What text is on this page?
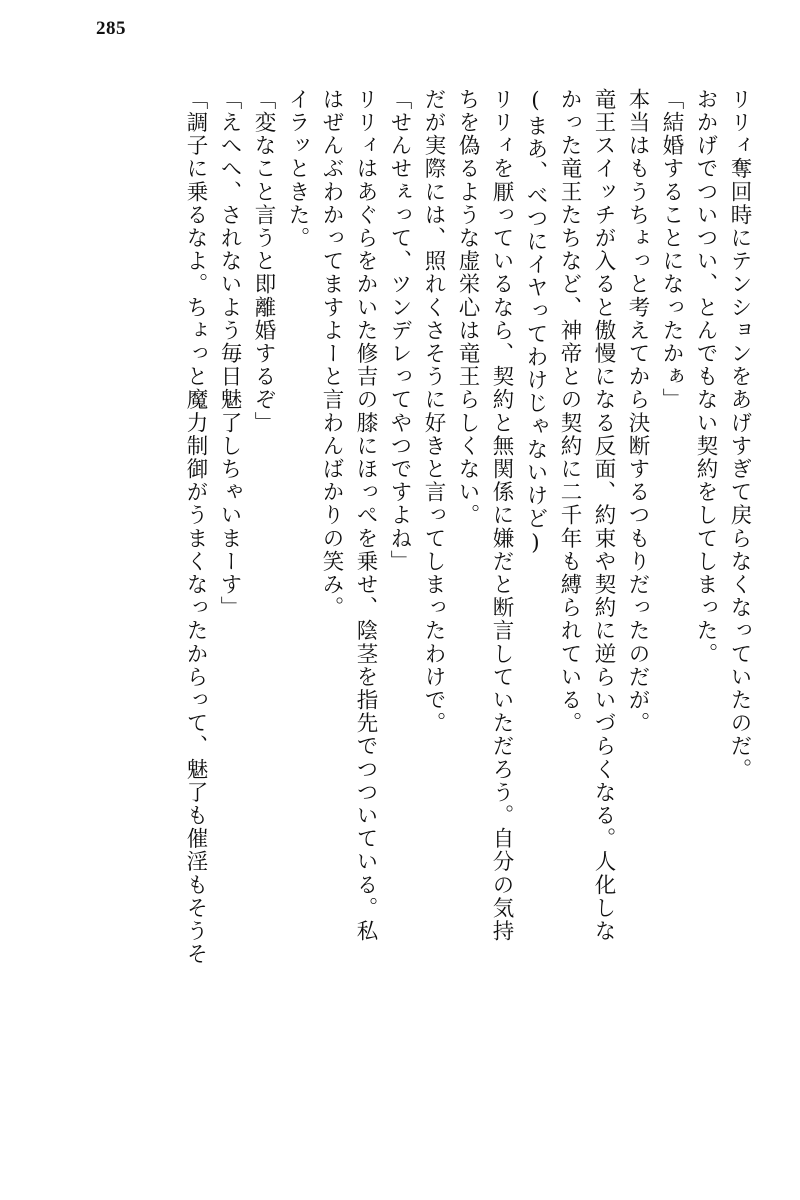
285
リリィ奪回時にテンションをあげすぎて戻らなくなっていたのだ。
おかげでついつい、とんでもない契約をしてしまった。
「結婚することになったかぁ」
本当はもうちょっと考えてから決断するつもりだったのだが。
竜王スイッチが入ると傲慢になる反面、約束や契約に逆らいづらくなる。人化しな
かった竜王たちなど、神帝との契約に二千年も縛られている。
(まあ、べつにイヤってわけじゃないけど)
リリィを厭っているなら、契約と無関係に嫌だと断言していただろう。自分の気持
ちを偽るような虚栄心は竜王らしくない。
だが実際には、照れくさそうに好きと言ってしまったわけで。
「せんせぇって、ツンデレってやつですよね」
リリィはあぐらをかいた修吉の膝にほっぺを乗せ、陰茎を指先でつついている。私
はぜんぶわかってますよーと言わんばかりの笑み。
イラッときた。
「変なこと言うと即離婚するぞ」
「えへへ、されないよう毎日魅了しちゃいまーす」
「調子に乗るなよ。ちょっと魔力制御がうまくなったからって、魅了も催淫もそうそ
